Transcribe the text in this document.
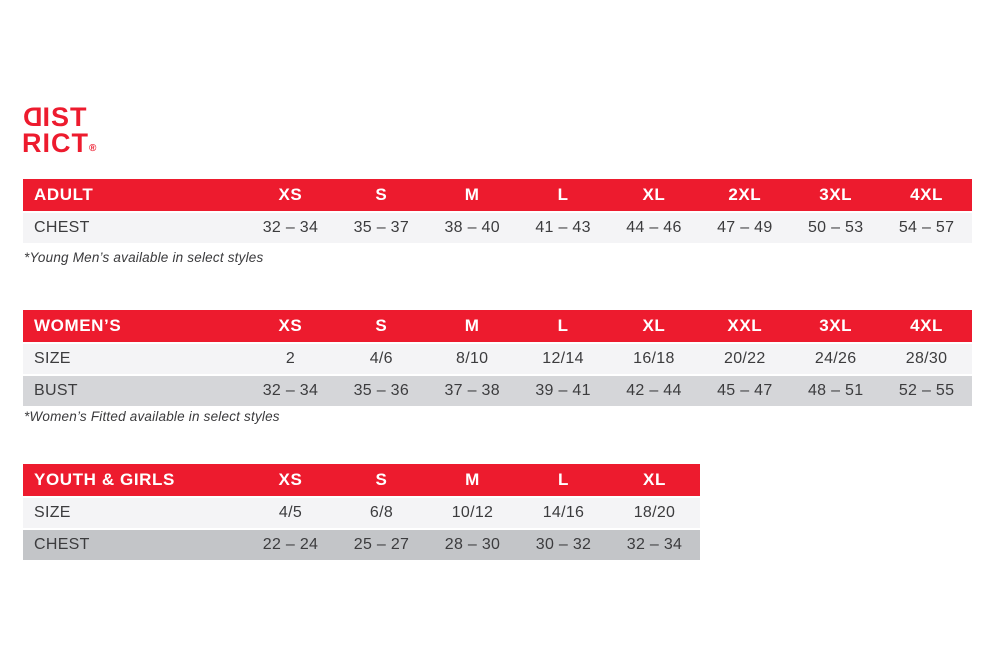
DIST
RICT®
ADULT	XS	S	M	L	XL	2XL	3XL	4XL
CHEST	32 – 34	35 – 37	38 – 40	41 – 43	44 – 46	47 – 49	50 – 53	54 – 57

*Young Men’s available in select styles

WOMEN’S	XS	S	M	L	XL	XXL	3XL	4XL
SIZE	2	4/6	8/10	12/14	16/18	20/22	24/26	28/30
BUST	32 – 34	35 – 36	37 – 38	39 – 41	42 – 44	45 – 47	48 – 51	52 – 55

*Women’s Fitted available in select styles

YOUTH & GIRLS	XS	S	M	L	XL
SIZE	4/5	6/8	10/12	14/16	18/20
CHEST	22 – 24	25 – 27	28 – 30	30 – 32	32 – 34
